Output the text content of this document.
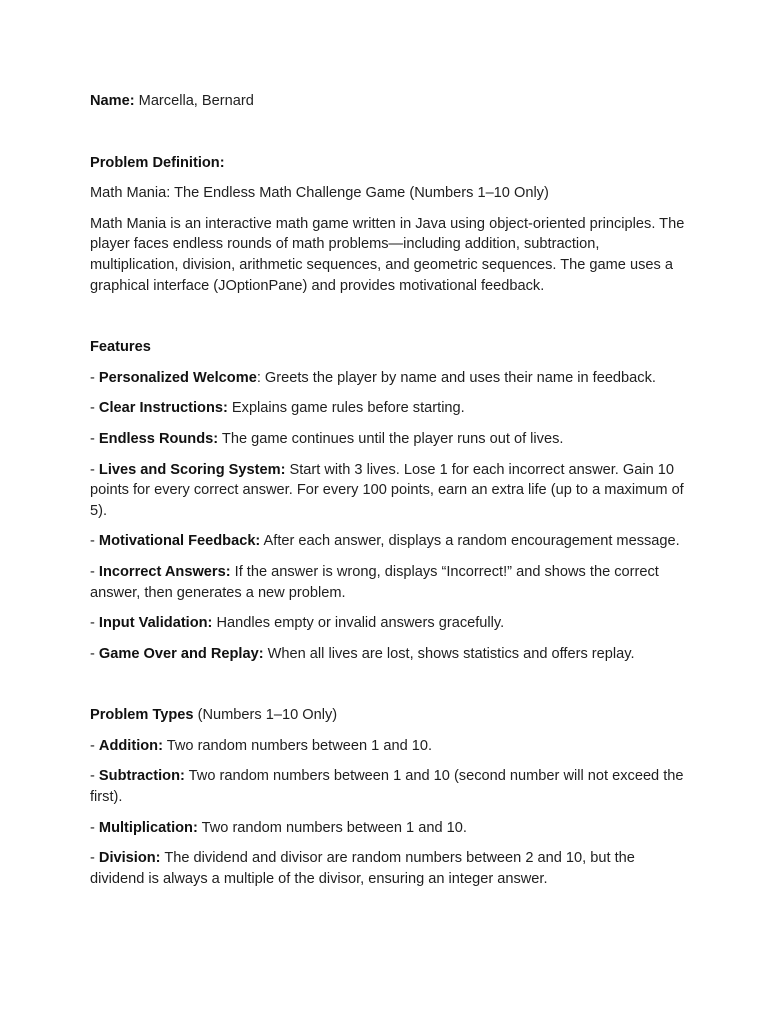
Name: Marcella, Bernard

Problem Definition:

Math Mania: The Endless Math Challenge Game (Numbers 1–10 Only)

Math Mania is an interactive math game written in Java using object-oriented principles. The player faces endless rounds of math problems—including addition, subtraction, multiplication, division, arithmetic sequences, and geometric sequences. The game uses a graphical interface (JOptionPane) and provides motivational feedback.

Features

- Personalized Welcome: Greets the player by name and uses their name in feedback.

- Clear Instructions: Explains game rules before starting.

- Endless Rounds: The game continues until the player runs out of lives.

- Lives and Scoring System: Start with 3 lives. Lose 1 for each incorrect answer. Gain 10 points for every correct answer. For every 100 points, earn an extra life (up to a maximum of 5).

- Motivational Feedback: After each answer, displays a random encouragement message.

- Incorrect Answers: If the answer is wrong, displays “Incorrect!” and shows the correct answer, then generates a new problem.

- Input Validation: Handles empty or invalid answers gracefully.

- Game Over and Replay: When all lives are lost, shows statistics and offers replay.

Problem Types (Numbers 1–10 Only)

- Addition: Two random numbers between 1 and 10.

- Subtraction: Two random numbers between 1 and 10 (second number will not exceed the first).

- Multiplication: Two random numbers between 1 and 10.

- Division: The dividend and divisor are random numbers between 2 and 10, but the dividend is always a multiple of the divisor, ensuring an integer answer.
